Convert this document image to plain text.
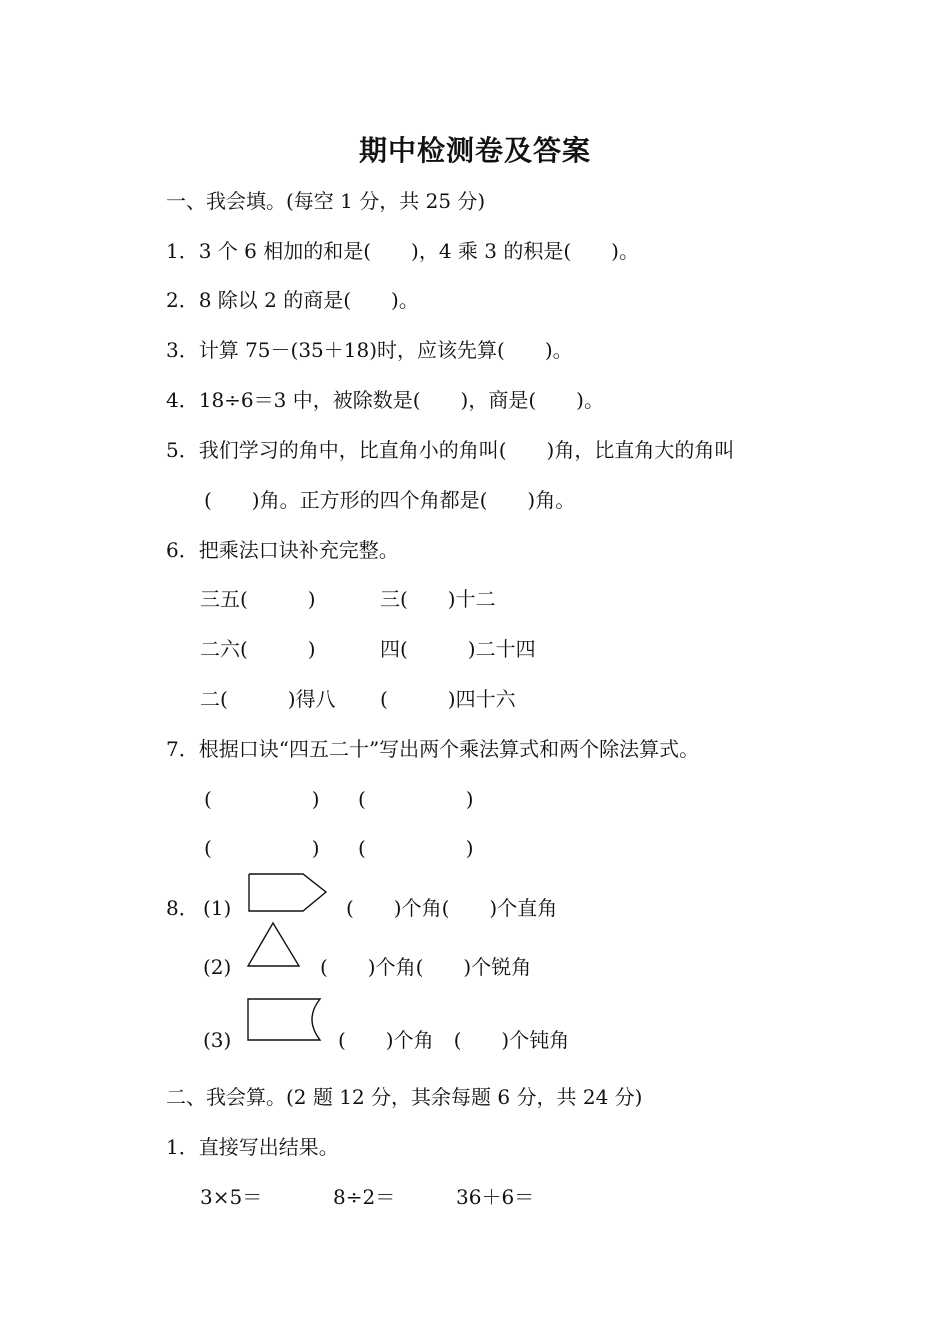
期中检测卷及答案
一、我会填。(每空 1 分，共 25 分)
1．3 个 6 相加的和是(　　)，4 乘 3 的积是(　　)。
2．8 除以 2 的商是(　　)。
3．计算 75－(35＋18)时，应该先算(　　)。
4．18÷6＝3 中，被除数是(　　)，商是(　　)。
5．我们学习的角中，比直角小的角叫(　　)角，比直角大的角叫
(　　)角。正方形的四个角都是(　　)角。
6．把乘法口诀补充完整。
三五(　　　)	三(　　)十二
二六(　　　)	四(　　　)二十四
二(　　　)得八 (　　　)四十六
7．根据口诀“四五二十”写出两个乘法算式和两个除法算式。
(　　　　　) (　　　　　)
(　　　　　) (　　　　　)
8． (1)	(　　)个角(　　)个直角
(2)	(　　)个角(　　)个锐角
(3)	(　　)个角　(　　)个钝角
二、我会算。(2 题 12 分，其余每题 6 分，共 24 分)
1．直接写出结果。
3×5＝	8÷2＝	36＋6＝
